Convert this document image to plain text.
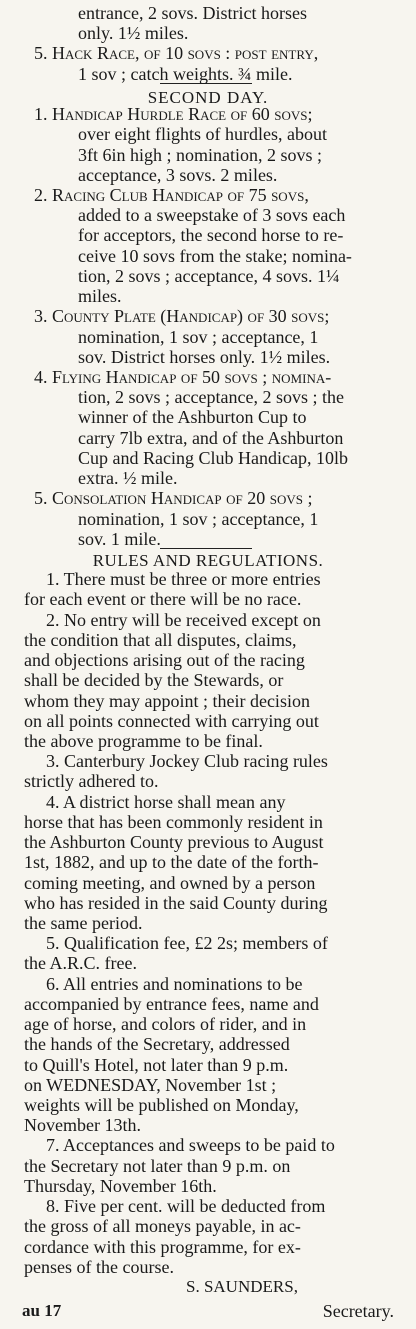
au 17	Secretary.
entrance, 2 sovs. District horses
only. 1½ miles.
5. Hack Race, of 10 sovs : post entry,
1 sov ; catch weights. ¾ mile.
SECOND DAY.
1. Handicap Hurdle Race of 60 sovs;
over eight flights of hurdles, about
3ft 6in high ; nomination, 2 sovs ;
acceptance, 3 sovs. 2 miles.
2. Racing Club Handicap of 75 sovs,
added to a sweepstake of 3 sovs each
for acceptors, the second horse to re-
ceive 10 sovs from the stake; nomina-
tion, 2 sovs ; acceptance, 4 sovs. 1¼
miles.
3. County Plate (Handicap) of 30 sovs;
nomination, 1 sov ; acceptance, 1
sov. District horses only. 1½ miles.
4. Flying Handicap of 50 sovs ; nomina-
tion, 2 sovs ; acceptance, 2 sovs ; the
winner of the Ashburton Cup to
carry 7lb extra, and of the Ashburton
Cup and Racing Club Handicap, 10lb
extra. ½ mile.
5. Consolation Handicap of 20 sovs ;
nomination, 1 sov ; acceptance, 1
sov. 1 mile.
RULES AND REGULATIONS.
1. There must be three or more entries
for each event or there will be no race.
2. No entry will be received except on
the condition that all disputes, claims,
and objections arising out of the racing
shall be decided by the Stewards, or
whom they may appoint ; their decision
on all points connected with carrying out
the above programme to be final.
3. Canterbury Jockey Club racing rules
strictly adhered to.
4. A district horse shall mean any
horse that has been commonly resident in
the Ashburton County previous to August
1st, 1882, and up to the date of the forth-
coming meeting, and owned by a person
who has resided in the said County during
the same period.
5. Qualification fee, £2 2s; members of
the A.R.C. free.
6. All entries and nominations to be
accompanied by entrance fees, name and
age of horse, and colors of rider, and in
the hands of the Secretary, addressed
to Quill's Hotel, not later than 9 p.m.
on WEDNESDAY, November 1st ;
weights will be published on Monday,
November 13th.
7. Acceptances and sweeps to be paid to
the Secretary not later than 9 p.m. on
Thursday, November 16th.
8. Five per cent. will be deducted from
the gross of all moneys payable, in ac-
cordance with this programme, for ex-
penses of the course.
S. SAUNDERS,
